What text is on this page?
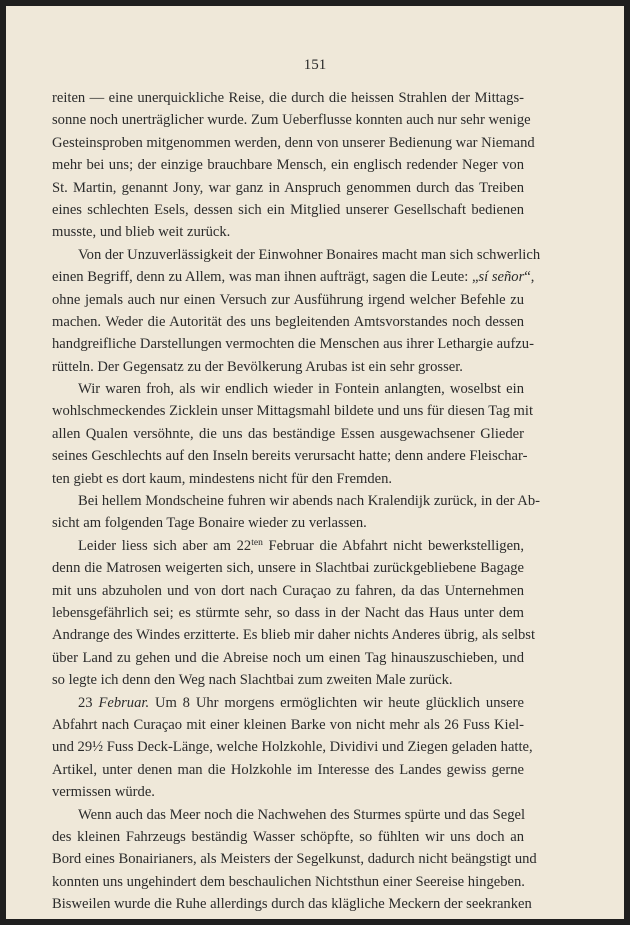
151
reiten — eine unerquickliche Reise, die durch die heissen Strahlen der Mittags-
sonne noch unerträglicher wurde. Zum Ueberflusse konnten auch nur sehr wenige
Gesteinsproben mitgenommen werden, denn von unserer Bedienung war Niemand
mehr bei uns; der einzige brauchbare Mensch, ein englisch redender Neger von
St. Martin, genannt Jony, war ganz in Anspruch genommen durch das Treiben
eines schlechten Esels, dessen sich ein Mitglied unserer Gesellschaft bedienen
musste, und blieb weit zurück.
Von der Unzuverlässigkeit der Einwohner Bonaires macht man sich schwerlich
einen Begriff, denn zu Allem, was man ihnen aufträgt, sagen die Leute: „sí señor“,
ohne jemals auch nur einen Versuch zur Ausführung irgend welcher Befehle zu
machen. Weder die Autorität des uns begleitenden Amtsvorstandes noch dessen
handgreifliche Darstellungen vermochten die Menschen aus ihrer Lethargie aufzu-
rütteln. Der Gegensatz zu der Bevölkerung Arubas ist ein sehr grosser.
Wir waren froh, als wir endlich wieder in Fontein anlangten, woselbst ein
wohlschmeckendes Zicklein unser Mittagsmahl bildete und uns für diesen Tag mit
allen Qualen versöhnte, die uns das beständige Essen ausgewachsener Glieder
seines Geschlechts auf den Inseln bereits verursacht hatte; denn andere Fleischar-
ten giebt es dort kaum, mindestens nicht für den Fremden.
Bei hellem Mondscheine fuhren wir abends nach Kralendijk zurück, in der Ab-
sicht am folgenden Tage Bonaire wieder zu verlassen.
Leider liess sich aber am $22^{ten}$ Februar die Abfahrt nicht bewerkstelligen,
denn die Matrosen weigerten sich, unsere in Slachtbai zurückgebliebene Bagage
mit uns abzuholen und von dort nach Curaçao zu fahren, da das Unternehmen
lebensgefährlich sei; es stürmte sehr, so dass in der Nacht das Haus unter dem
Andrange des Windes erzitterte. Es blieb mir daher nichts Anderes übrig, als selbst
über Land zu gehen und die Abreise noch um einen Tag hinauszuschieben, und
so legte ich denn den Weg nach Slachtbai zum zweiten Male zurück.
23 Februar. Um 8 Uhr morgens ermöglichten wir heute glücklich unsere
Abfahrt nach Curaçao mit einer kleinen Barke von nicht mehr als 26 Fuss Kiel-
und 29½ Fuss Deck-Länge, welche Holzkohle, Dividivi und Ziegen geladen hatte,
Artikel, unter denen man die Holzkohle im Interesse des Landes gewiss gerne
vermissen würde.
Wenn auch das Meer noch die Nachwehen des Sturmes spürte und das Segel
des kleinen Fahrzeugs beständig Wasser schöpfte, so fühlten wir uns doch an
Bord eines Bonairianers, als Meisters der Segelkunst, dadurch nicht beängstigt und
konnten uns ungehindert dem beschaulichen Nichtsthun einer Seereise hingeben.
Bisweilen wurde die Ruhe allerdings durch das klägliche Meckern der seekranken
